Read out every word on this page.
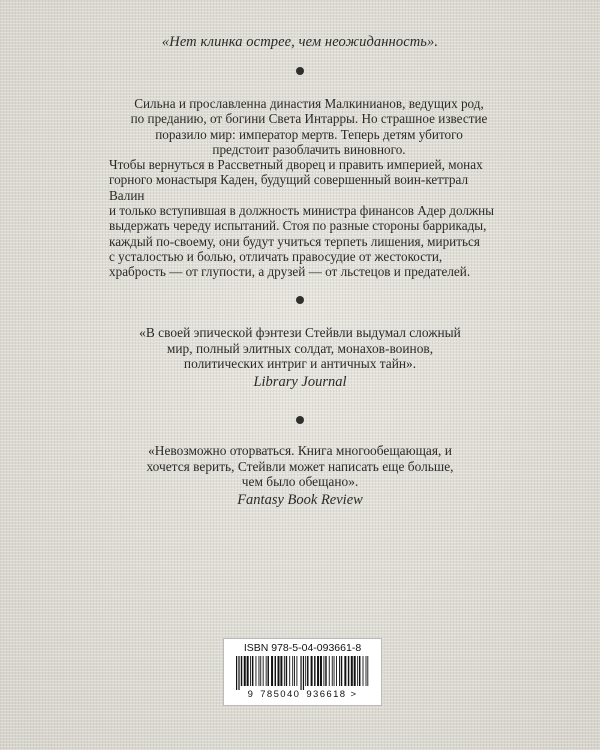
«Нет клинка острее, чем неожиданность».

Сильна и прославленна династия Малкинианов, ведущих род,

по преданию, от богини Света Интарры. Но страшное известие

поразило мир: император мертв. Теперь детям убитого

предстоит разоблачить виновного.

Чтобы вернуться в Рассветный дворец и править империей, монах

горного монастыря Каден, будущий совершенный воин-кеттрал Валин

и только вступившая в должность министра финансов Адер должны

выдержать череду испытаний. Стоя по разные стороны баррикады,

каждый по-своему, они будут учиться терпеть лишения, мириться

с усталостью и болью, отличать правосудие от жестокости,

храбрость — от глупости, а друзей — от льстецов и предателей.

«В своей эпической фэнтези Стейвли выдумал сложный
мир, полный элитных солдат, монахов-воинов,
политических интриг и античных тайн».
Library Journal
«Невозможно оторваться. Книга многообещающая, и
хочется верить, Стейвли может написать еще больше,
чем было обещано».
Fantasy Book Review
ISBN 978-5-04-093661-8
9 785040 936618 >
